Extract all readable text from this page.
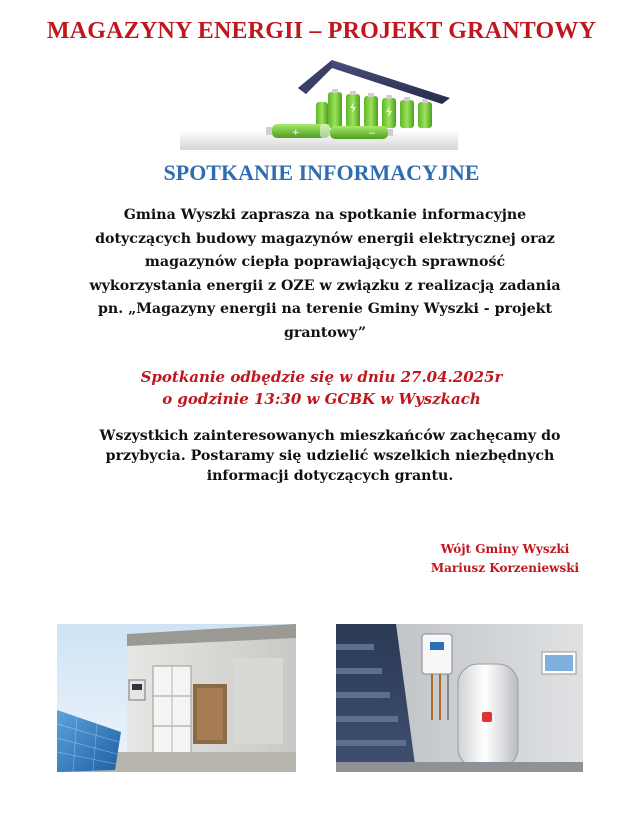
MAGAZYNY ENERGII – PROJEKT GRANTOWY
+	−
SPOTKANIE INFORMACYJNE
Gmina Wyszki zaprasza na spotkanie informacyjne
dotyczących budowy magazynów energii elektrycznej oraz
magazynów ciepła poprawiających sprawność
wykorzystania energii z OZE w związku z realizacją zadania
pn. „Magazyny energii na terenie Gminy Wyszki - projekt
grantowy”
Spotkanie odbędzie się w dniu 27.04.2025r
o godzinie 13:30 w GCBK w Wyszkach
Wszystkich zainteresowanych mieszkańców zachęcamy do
przybycia. Postaramy się udzielić wszelkich niezbędnych
informacji dotyczących grantu.
Wójt Gminy Wyszki
Mariusz Korzeniewski
